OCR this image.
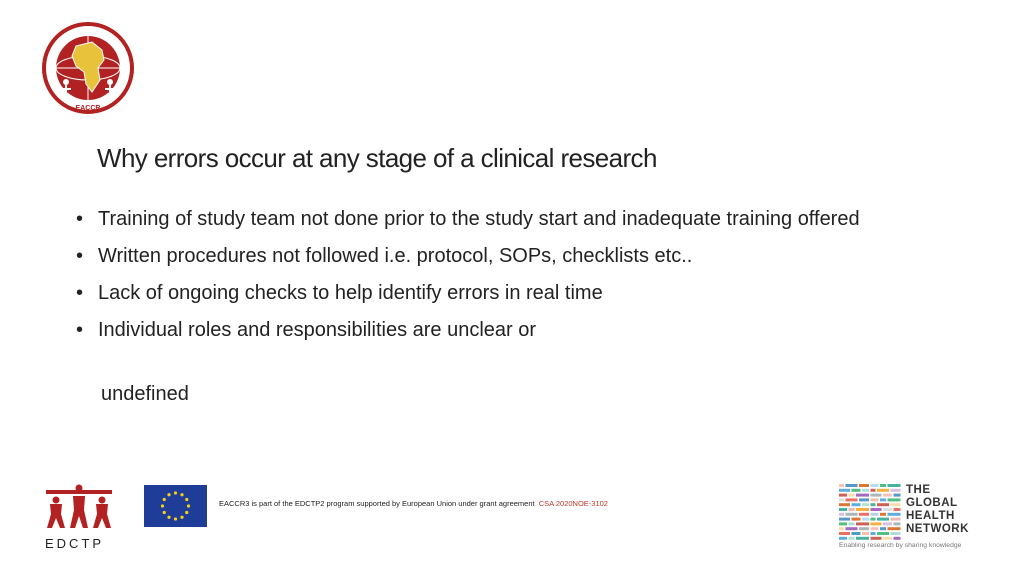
EACCR
Why errors occur at any stage of a clinical research
• Training of study team not done prior to the study start and inadequate training offered
• Written procedures not followed i.e. protocol, SOPs, checklists etc..
• Lack of ongoing checks to help identify errors in real time
• Individual roles and responsibilities are unclear or
undefined
EDCTP
EACCR3 is part of the EDCTP2 program supported by European Union under grant agreement CSA 2020NOE-3102
THE
GLOBAL
HEALTH
NETWORK
Enabling research by sharing knowledge
